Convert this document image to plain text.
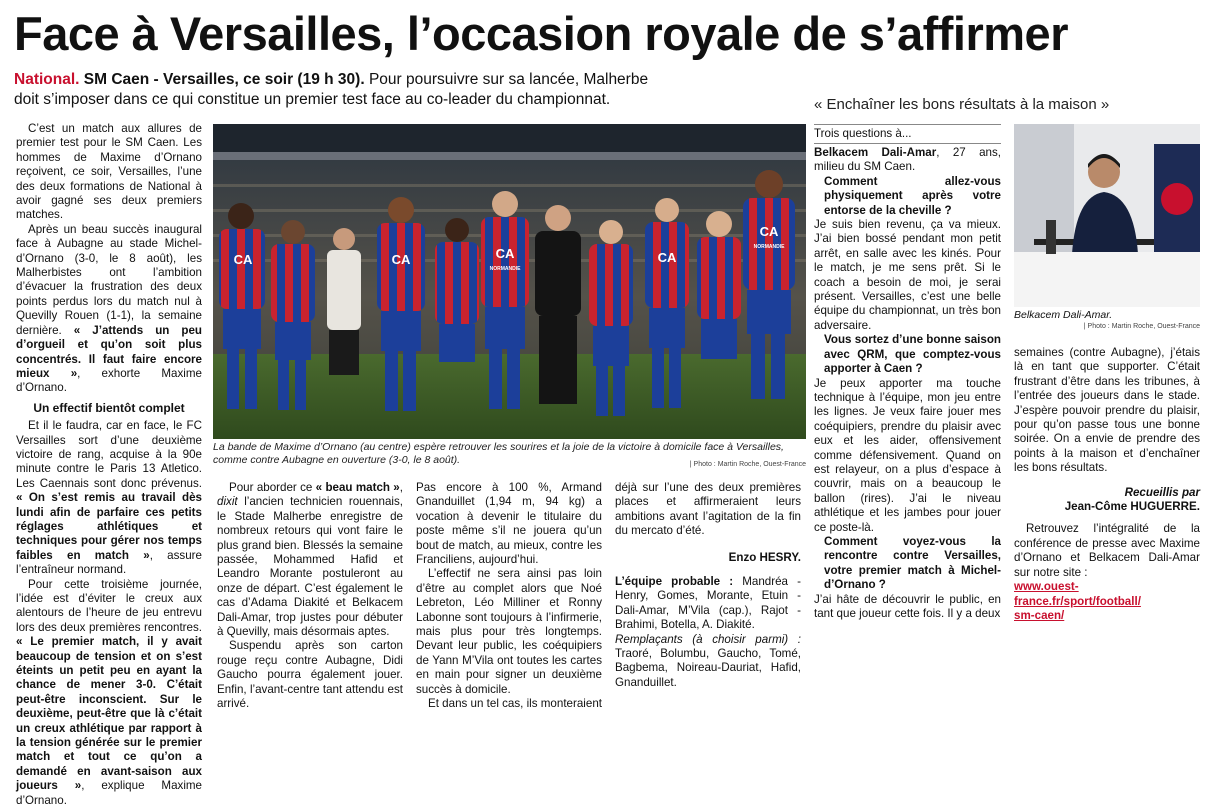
Face à Versailles, l’occasion royale de s’affirmer
National. SM Caen - Versailles, ce soir (19 h 30). Pour poursuivre sur sa lancée, Malherbe doit s’imposer dans ce qui constitue un premier test face au co-leader du championnat.

C’est un match aux allures de premier test pour le SM Caen. Les hommes de Maxime d’Ornano reçoivent, ce soir, Versailles, l’une des deux formations de National à avoir gagné ses deux premiers matches.

Après un beau succès inaugural face à Aubagne au stade Michel-d’Ornano (3-0, le 8 août), les Malherbistes ont l’ambition d’évacuer la frustration des deux points perdus lors du match nul à Quevilly Rouen (1-1), la semaine dernière. « J’attends un peu d’orgueil et qu’on soit plus concentrés. Il faut faire encore mieux », exhorte Maxime d’Ornano.

Un effectif bientôt complet

Et il le faudra, car en face, le FC Versailles sort d’une deuxième victoire de rang, acquise à la 90e minute contre le Paris 13 Atletico. Les Caennais sont donc prévenus. « On s’est remis au travail dès lundi afin de parfaire ces petits réglages athlétiques et techniques pour gérer nos temps faibles en match », assure l’entraîneur normand.

Pour cette troisième journée, l’idée est d’éviter le creux aux alentours de l’heure de jeu entrevu lors des deux premières rencontres. « Le premier match, il y avait beaucoup de tension et on s’est éteints un petit peu en ayant la chance de mener 3-0. C’était peut-être inconscient. Sur le deuxième, peut-être que là c’était un creux athlétique par rapport à la tension générée sur le premier match et tout ce qu’on a demandé en avant-saison aux joueurs », explique Maxime d’Ornano.

CA	CA	CA	CA
CA
NORMANDIE
NORMANDIE
La bande de Maxime d’Ornano (au centre) espère retrouver les sourires et la joie de la victoire à domicile face à Versailles, comme contre Aubagne en ouverture (3-0, le 8 août).	| Photo : Martin Roche, Ouest-France

Pour aborder ce « beau match », dixit l’ancien technicien rouennais, le Stade Malherbe enregistre de nombreux retours qui vont faire le plus grand bien. Blessés la semaine passée, Mohammed Hafid et Leandro Morante postuleront au onze de départ. C’est également le cas d’Adama Diakité et Belkacem Dali-Amar, trop justes pour débuter à Quevilly, mais désormais aptes.

Suspendu après son carton rouge reçu contre Aubagne, Didi Gaucho pourra également jouer. Enfin, l’avant-centre tant attendu est arrivé.

Pas encore à 100 %, Armand Gnanduillet (1,94 m, 94 kg) a vocation à devenir le titulaire du poste même s’il ne jouera qu’un bout de match, au mieux, contre les Franciliens, aujourd’hui.

L’effectif ne sera ainsi pas loin d’être au complet alors que Noé Lebreton, Léo Milliner et Ronny Labonne sont toujours à l’infirmerie, mais plus pour très longtemps. Devant leur public, les coéquipiers de Yann M’Vila ont toutes les cartes en main pour signer un deuxième succès à domicile.

Et dans un tel cas, ils monteraient

déjà sur l’une des deux premières places et affirmeraient leurs ambitions avant l’agitation de la fin du mercato d’été.

Enzo HESRY.

L’équipe probable : Mandréa - Henry, Gomes, Morante, Etuin - Dali-Amar, M’Vila (cap.), Rajot - Brahimi, Botella, A. Diakité.

Remplaçants (à choisir parmi) : Traoré, Bolumbu, Gaucho, Tomé, Bagbema, Noireau-Dauriat, Hafid, Gnanduillet.

« Enchaîner les bons résultats à la maison »
Trois questions à...

Belkacem Dali-Amar, 27 ans, milieu du SM Caen.

Comment allez-vous physiquement après votre entorse de la cheville ?

Je suis bien revenu, ça va mieux. J’ai bien bossé pendant mon petit arrêt, en salle avec les kinés. Pour le match, je me sens prêt. Si le coach a besoin de moi, je serai présent. Versailles, c’est une belle équipe du championnat, un très bon adversaire.

Vous sortez d’une bonne saison avec QRM, que comptez-vous apporter à Caen ?

Je peux apporter ma touche technique à l’équipe, mon jeu entre les lignes. Je veux faire jouer mes coéquipiers, prendre du plaisir avec eux et les aider, offensivement comme défensivement. Quand on est relayeur, on a plus d’espace à couvrir, mais on a beaucoup le ballon (rires). J’ai le niveau athlétique et les jambes pour jouer ce poste-là.

Comment voyez-vous la rencontre contre Versailles, votre premier match à Michel-d’Ornano ?

J’ai hâte de découvrir le public, en tant que joueur cette fois. Il y a deux

Belkacem Dali-Amar.
| Photo : Martin Roche, Ouest-France

semaines (contre Aubagne), j’étais là en tant que supporter. C’était frustrant d’être dans les tribunes, à l’entrée des joueurs dans le stade. J’espère pouvoir prendre du plaisir, pour qu’on passe tous une bonne soirée. On a envie de prendre des points à la maison et d’enchaîner les bons résultats.

Recueillis par
Jean-Côme HUGUERRE.

Retrouvez l’intégralité de la conférence de presse avec Maxime d’Ornano et Belkacem Dali-Amar sur notre site :

www.ouest-france.fr/sport/football/
sm-caen/
